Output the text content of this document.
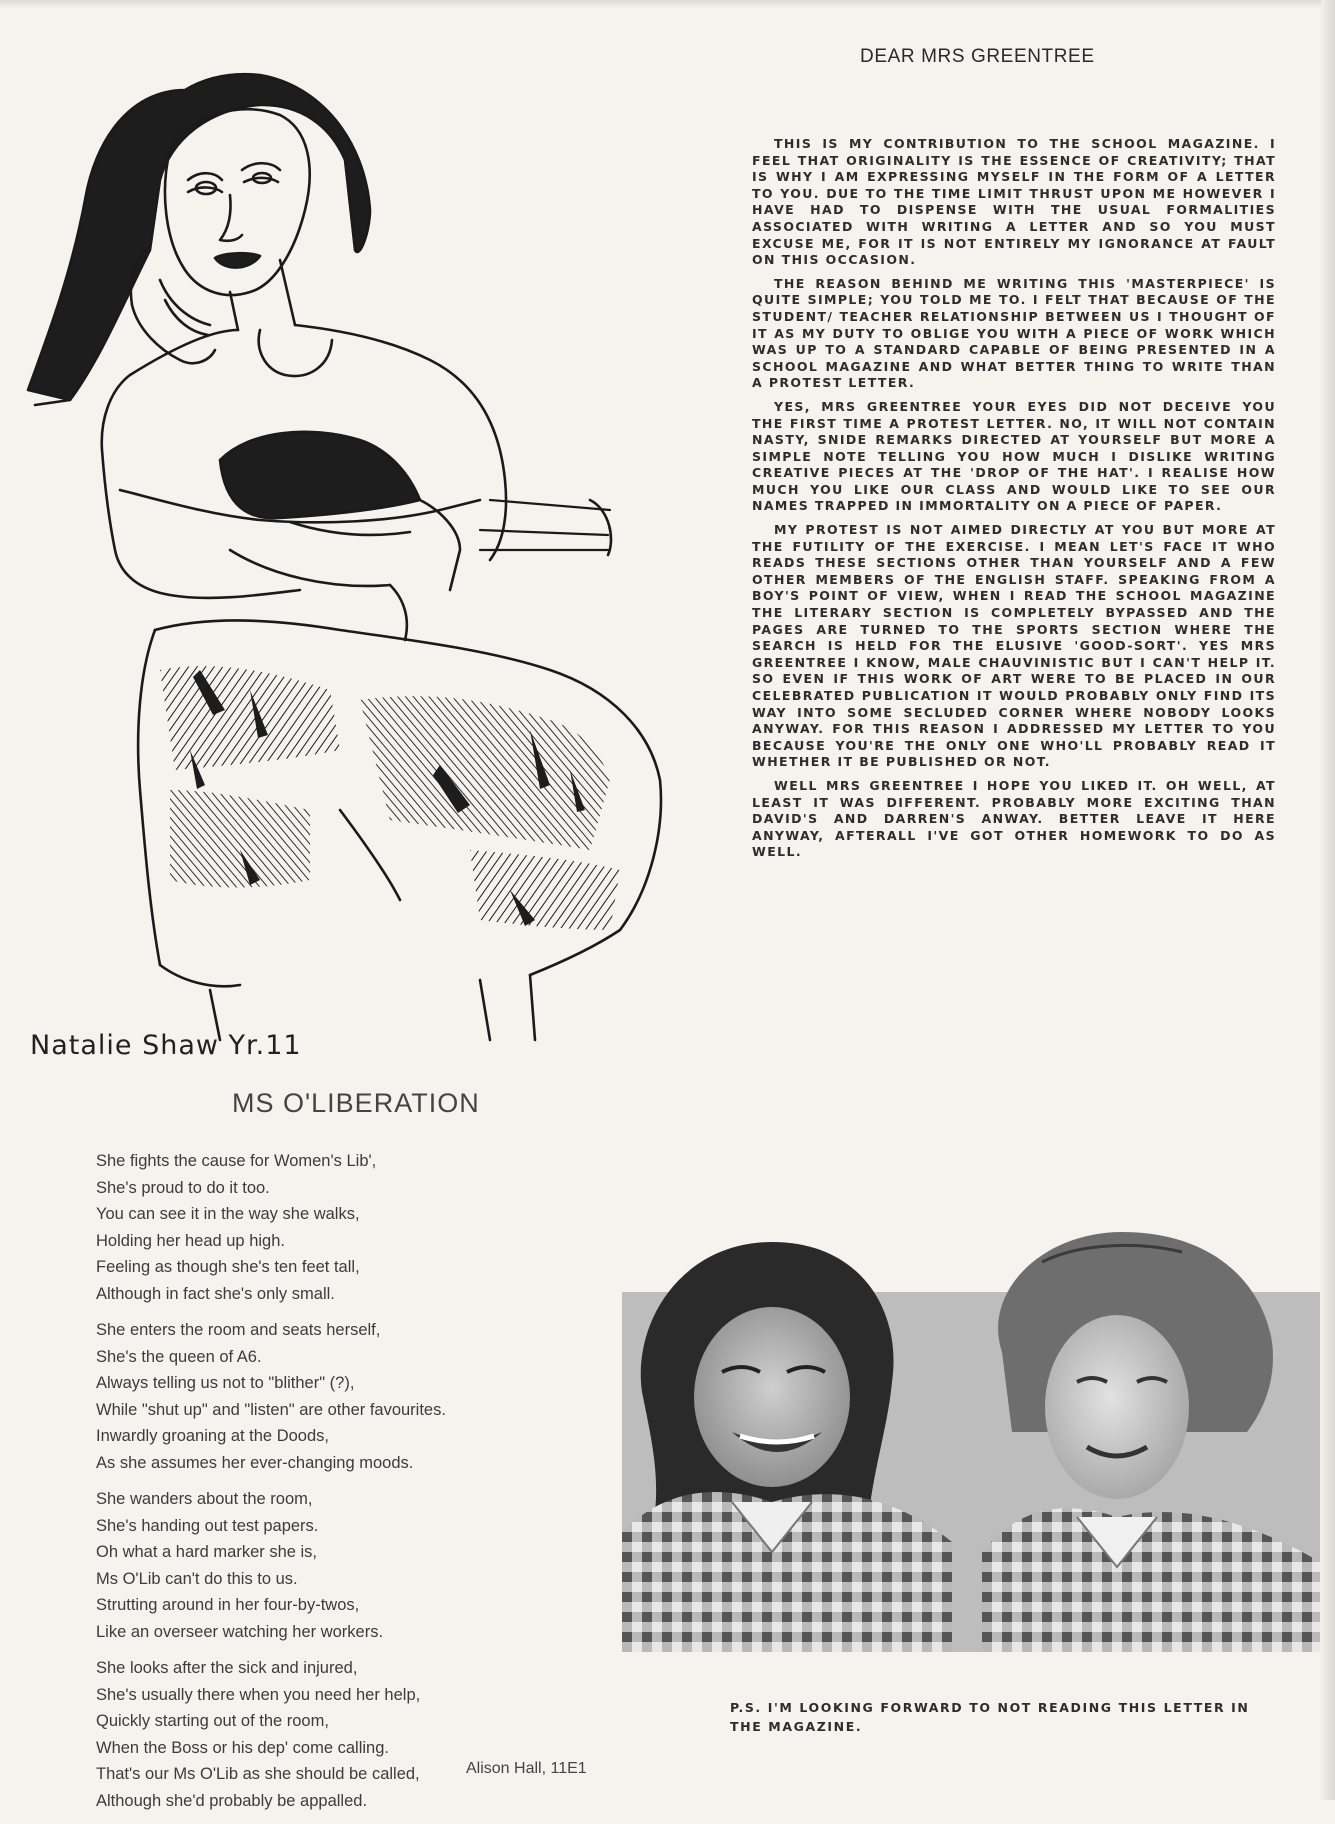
Natalie Shaw Yr.11
MS O'LIBERATION
She fights the cause for Women's Lib',
She's proud to do it too.
You can see it in the way she walks,
Holding her head up high.
Feeling as though she's ten feet tall,
Although in fact she's only small.
She enters the room and seats herself,
She's the queen of A6.
Always telling us not to "blither" (?),
While "shut up" and "listen" are other favourites.
Inwardly groaning at the Doods,
As she assumes her ever-changing moods.
She wanders about the room,
She's handing out test papers.
Oh what a hard marker she is,
Ms O'Lib can't do this to us.
Strutting around in her four-by-twos,
Like an overseer watching her workers.
She looks after the sick and injured,
She's usually there when you need her help,
Quickly starting out of the room,
When the Boss or his dep' come calling.
That's our Ms O'Lib as she should be called,
Although she'd probably be appalled.
Alison Hall, 11E1
DEAR MRS GREENTREE

THIS IS MY CONTRIBUTION TO THE SCHOOL MAGAZINE. I FEEL THAT ORIGINALITY IS THE ESSENCE OF CREATIVITY; THAT IS WHY I AM EXPRESSING MYSELF IN THE FORM OF A LETTER TO YOU. DUE TO THE TIME LIMIT THRUST UPON ME HOWEVER I HAVE HAD TO DISPENSE WITH THE USUAL FORMALITIES ASSOCIATED WITH WRITING A LETTER AND SO YOU MUST EXCUSE ME, FOR IT IS NOT ENTIRELY MY IGNORANCE AT FAULT ON THIS OCCASION.

THE REASON BEHIND ME WRITING THIS 'MASTERPIECE' IS QUITE SIMPLE; YOU TOLD ME TO. I FELT THAT BECAUSE OF THE STUDENT/ TEACHER RELATIONSHIP BETWEEN US I THOUGHT OF IT AS MY DUTY TO OBLIGE YOU WITH A PIECE OF WORK WHICH WAS UP TO A STANDARD CAPABLE OF BEING PRESENTED IN A SCHOOL MAGAZINE AND WHAT BETTER THING TO WRITE THAN A PROTEST LETTER.

YES, MRS GREENTREE YOUR EYES DID NOT DECEIVE YOU THE FIRST TIME A PROTEST LETTER. NO, IT WILL NOT CONTAIN NASTY, SNIDE REMARKS DIRECTED AT YOURSELF BUT MORE A SIMPLE NOTE TELLING YOU HOW MUCH I DISLIKE WRITING CREATIVE PIECES AT THE 'DROP OF THE HAT'. I REALISE HOW MUCH YOU LIKE OUR CLASS AND WOULD LIKE TO SEE OUR NAMES TRAPPED IN IMMORTALITY ON A PIECE OF PAPER.

MY PROTEST IS NOT AIMED DIRECTLY AT YOU BUT MORE AT THE FUTILITY OF THE EXERCISE. I MEAN LET'S FACE IT WHO READS THESE SECTIONS OTHER THAN YOURSELF AND A FEW OTHER MEMBERS OF THE ENGLISH STAFF. SPEAKING FROM A BOY'S POINT OF VIEW, WHEN I READ THE SCHOOL MAGAZINE THE LITERARY SECTION IS COMPLETELY BYPASSED AND THE PAGES ARE TURNED TO THE SPORTS SECTION WHERE THE SEARCH IS HELD FOR THE ELUSIVE 'GOOD-SORT'. YES MRS GREENTREE I KNOW, MALE CHAUVINISTIC BUT I CAN'T HELP IT. SO EVEN IF THIS WORK OF ART WERE TO BE PLACED IN OUR CELEBRATED PUBLICATION IT WOULD PROBABLY ONLY FIND ITS WAY INTO SOME SECLUDED CORNER WHERE NOBODY LOOKS ANYWAY. FOR THIS REASON I ADDRESSED MY LETTER TO YOU BECAUSE YOU'RE THE ONLY ONE WHO'LL PROBABLY READ IT WHETHER IT BE PUBLISHED OR NOT.

WELL MRS GREENTREE I HOPE YOU LIKED IT. OH WELL, AT LEAST IT WAS DIFFERENT. PROBABLY MORE EXCITING THAN DAVID'S AND DARREN'S ANWAY. BETTER LEAVE IT HERE ANYWAY, AFTERALL I'VE GOT OTHER HOMEWORK TO DO AS WELL.

P.S. I'M LOOKING FORWARD TO NOT READING THIS LETTER IN THE MAGAZINE.
